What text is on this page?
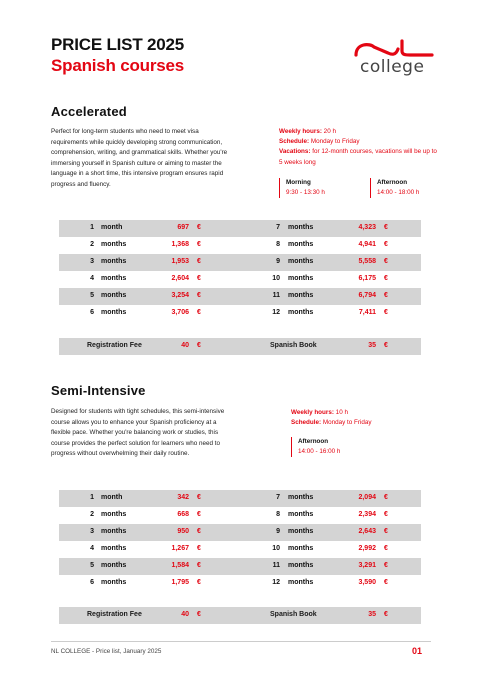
PRICE LIST 2025
Spanish courses	college
Accelerated
Perfect for long-term students who need to meet visa requirements while quickly developing strong communication, comprehension, writing, and grammatical skills. Whether you're immersing yourself in Spanish culture or aiming to master the language in a short time, this intensive program ensures rapid progress and fluency.
Weekly hours: 20 h
Schedule: Monday to Friday
Vacations: for 12-month courses, vacations will be up to 5 weeks long
Morning
9:30 - 13:30 h
Afternoon
14:00 - 18:00 h
1 month	697 €	7 months	4,323 €
2 months	1,368 €	8 months	4,941 €
3 months	1,953 €	9 months	5,558 €
4 months	2,604 €	10 months	6,175 €
5 months	3,254 €	11 months	6,794 €
6 months	3,706 €	12 months	7,411 €
Registration Fee	40 €	Spanish Book	35 €
Semi-Intensive
Designed for students with tight schedules, this semi-intensive course allows you to enhance your Spanish proficiency at a flexible pace. Whether you're balancing work or studies, this course provides the perfect solution for learners who need to progress without overwhelming their daily routine.
Weekly hours: 10 h
Schedule: Monday to Friday
Afternoon
14:00 - 16:00 h
1 month	342 €	7 months	2,094 €
2 months	668 €	8 months	2,394 €
3 months	950 €	9 months	2,643 €
4 months	1,267 €	10 months	2,992 €
5 months	1,584 €	11 months	3,291 €
6 months	1,795 €	12 months	3,590 €
Registration Fee	40 €	Spanish Book	35 €
NL COLLEGE - Price list, January 2025	01
